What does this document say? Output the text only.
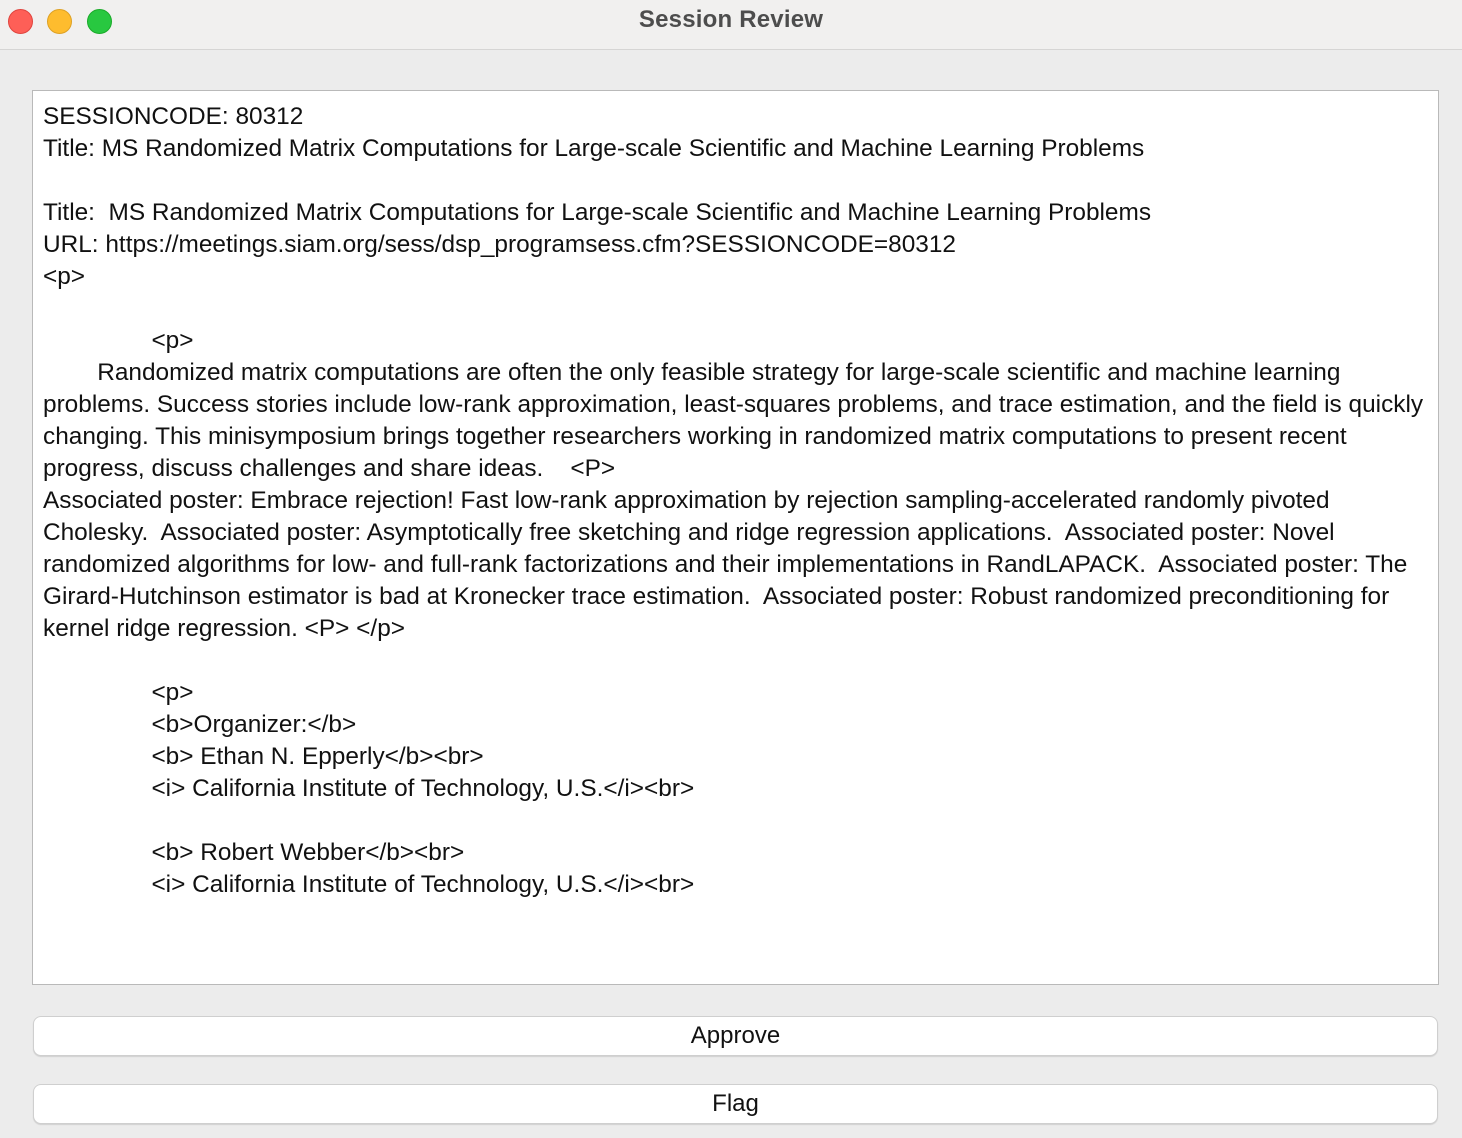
Session Review
SESSIONCODE: 80312
Title: MS Randomized Matrix Computations for Large-scale Scientific and Machine Learning Problems

Title:  MS Randomized Matrix Computations for Large-scale Scientific and Machine Learning Problems
URL: https://meetings.siam.org/sess/dsp_programsess.cfm?SESSIONCODE=80312
<p>

<p>
Randomized matrix computations are often the only feasible strategy for large-scale scientific and machine learning problems. Success stories include low-rank approximation, least-squares problems, and trace estimation, and the field is quickly changing. This minisymposium brings together researchers working in randomized matrix computations to present recent progress, discuss challenges and share ideas.    <P>
Associated poster: Embrace rejection! Fast low-rank approximation by rejection sampling-accelerated randomly pivoted Cholesky.  Associated poster: Asymptotically free sketching and ridge regression applications.  Associated poster: Novel randomized algorithms for low- and full-rank factorizations and their implementations in RandLAPACK.  Associated poster: The Girard-Hutchinson estimator is bad at Kronecker trace estimation.  Associated poster: Robust randomized preconditioning for kernel ridge regression. <P> </p>

<p>
<b>Organizer:</b>
<b> Ethan N. Epperly</b><br>
<i> California Institute of Technology, U.S.</i><br>

<b> Robert Webber</b><br>
<i> California Institute of Technology, U.S.</i><br>
Approve
Flag
